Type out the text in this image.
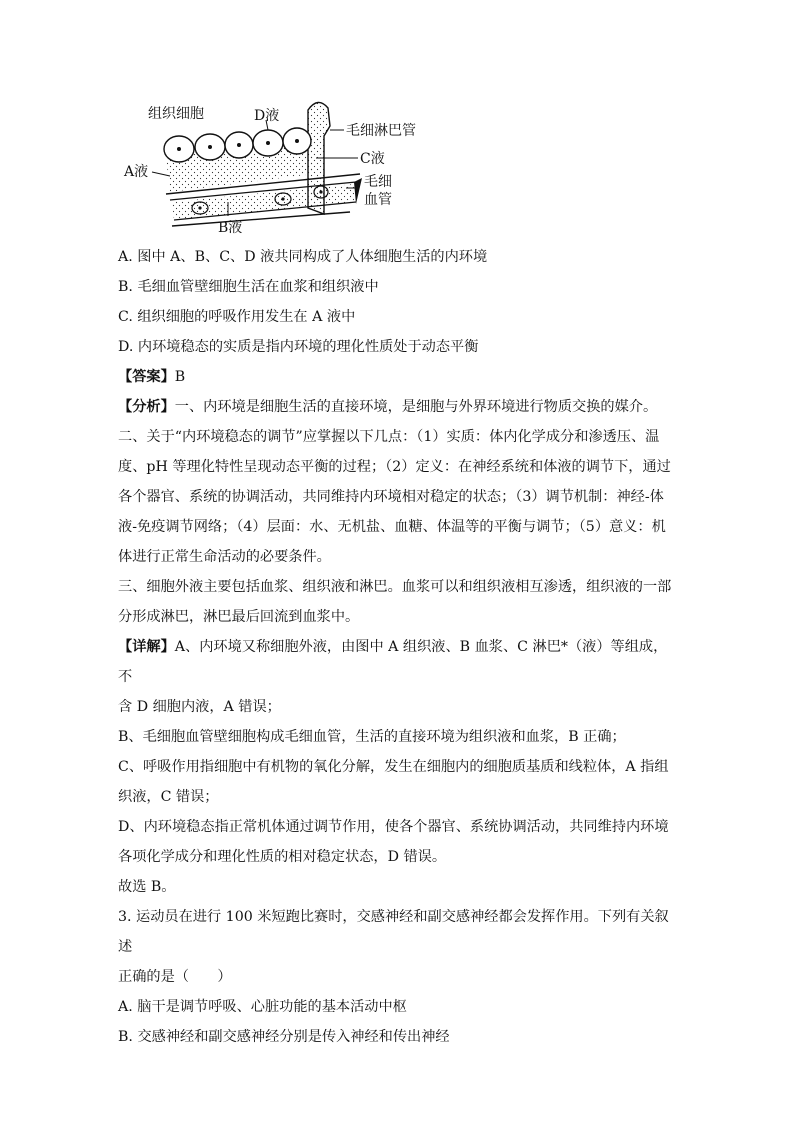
组织细胞	D液
毛细淋巴管
C液
A液
毛细
血管
B液

A. 图中 A、B、C、D 液共同构成了人体细胞生活的内环境

B. 毛细血管壁细胞生活在血浆和组织液中

C. 组织细胞的呼吸作用发生在 A 液中

D. 内环境稳态的实质是指内环境的理化性质处于动态平衡

【答案】B

【分析】一、内环境是细胞生活的直接环境，是细胞与外界环境进行物质交换的媒介。

二、关于“内环境稳态的调节”应掌握以下几点：（1）实质：体内化学成分和渗透压、温

度、pH 等理化特性呈现动态平衡的过程；（2）定义：在神经系统和体液的调节下，通过

各个器官、系统的协调活动，共同维持内环境相对稳定的状态；（3）调节机制：神经-体

液-免疫调节网络；（4）层面：水、无机盐、血糖、体温等的平衡与调节；（5）意义：机

体进行正常生命活动的必要条件。

三、细胞外液主要包括血浆、组织液和淋巴。血浆可以和组织液相互渗透，组织液的一部

分形成淋巴，淋巴最后回流到血浆中。

【详解】A、内环境又称细胞外液，由图中 A 组织液、B 血浆、C 淋巴*（液）等组成，不

含 D 细胞内液，A 错误；

B、毛细胞血管壁细胞构成毛细血管，生活的直接环境为组织液和血浆，B 正确；

C、呼吸作用指细胞中有机物的氧化分解，发生在细胞内的细胞质基质和线粒体，A 指组

织液，C 错误；

D、内环境稳态指正常机体通过调节作用，使各个器官、系统协调活动，共同维持内环境

各项化学成分和理化性质的相对稳定状态，D 错误。

故选 B。

3. 运动员在进行 100 米短跑比赛时，交感神经和副交感神经都会发挥作用。下列有关叙述

正确的是（　　）

A. 脑干是调节呼吸、心脏功能的基本活动中枢

B. 交感神经和副交感神经分别是传入神经和传出神经
